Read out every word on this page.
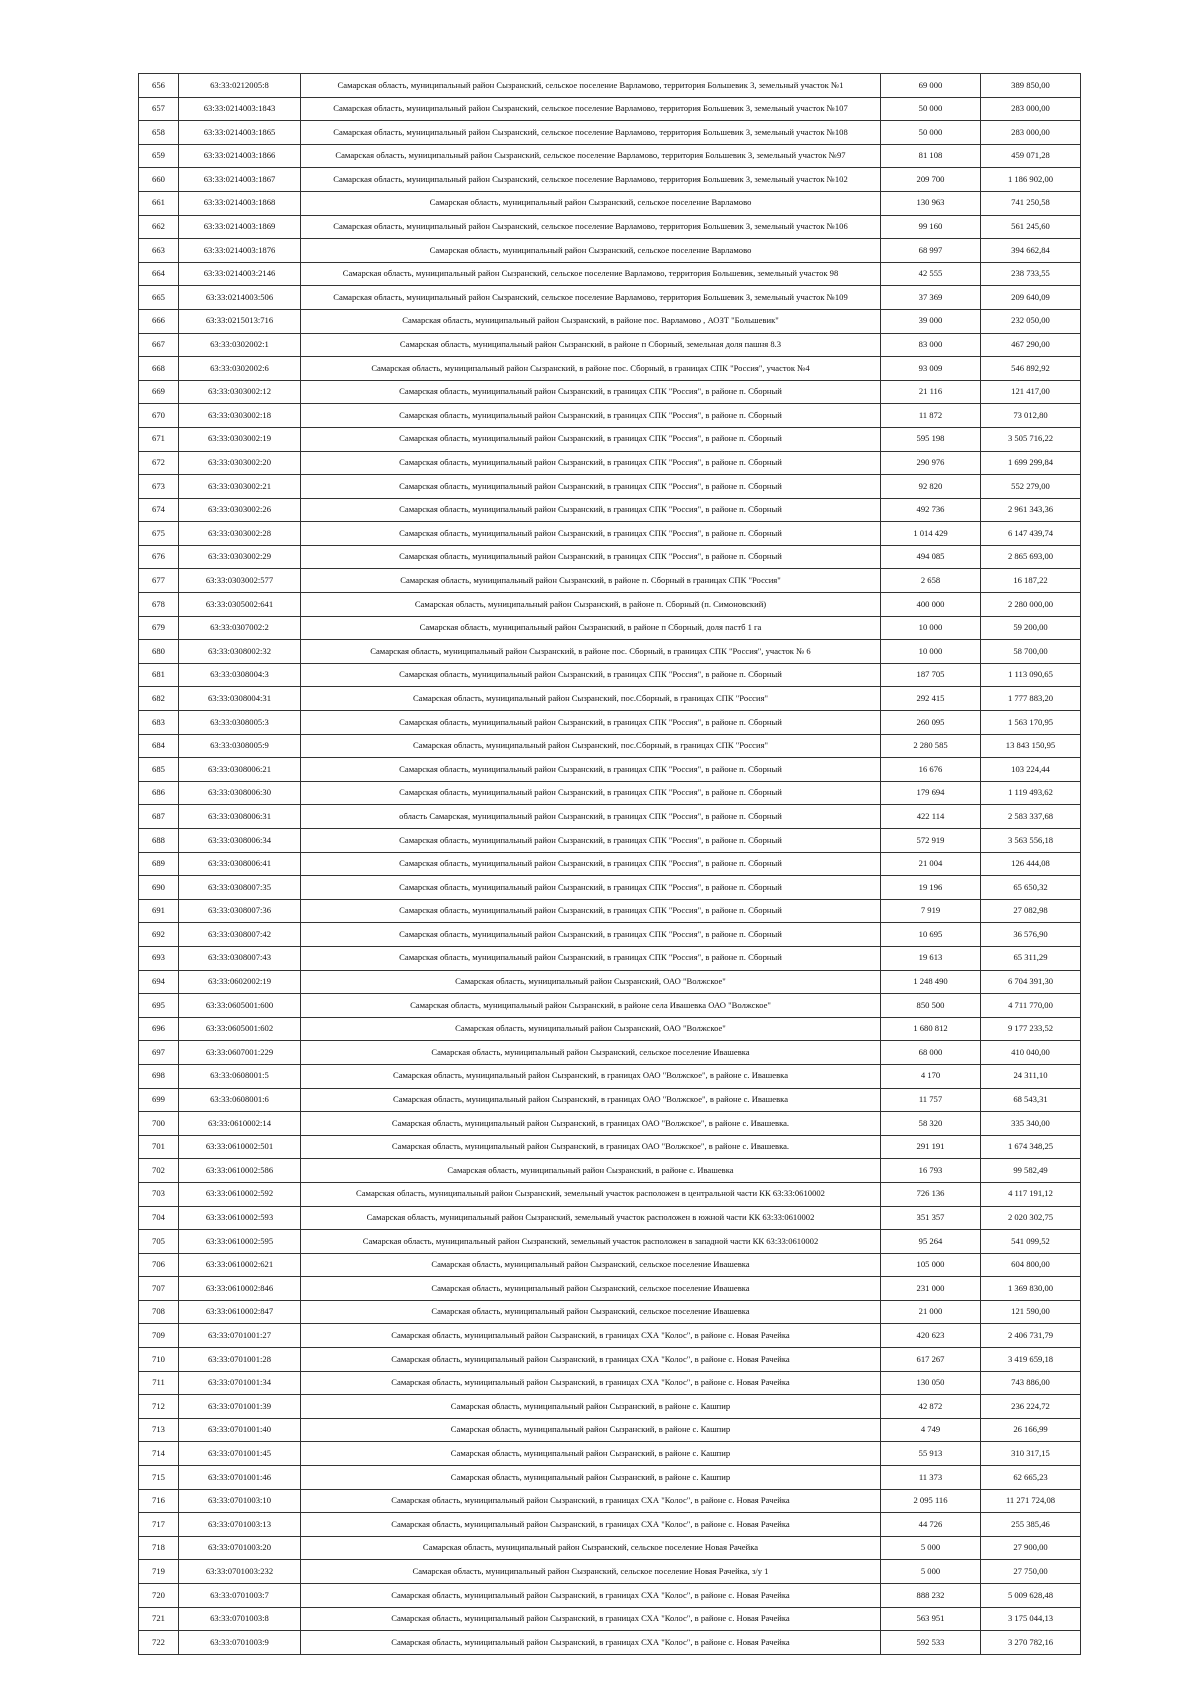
656	63:33:0212005:8	Самарская область, муниципальный район Сызранский, сельское поселение Варламово, территория Большевик 3, земельный участок №1	69 000	389 850,00
657	63:33:0214003:1843	Самарская область, муниципальный район Сызранский, сельское поселение Варламово, территория Большевик 3, земельный участок №107	50 000	283 000,00
658	63:33:0214003:1865	Самарская область, муниципальный район Сызранский, сельское поселение Варламово, территория Большевик 3, земельный участок №108	50 000	283 000,00
659	63:33:0214003:1866	Самарская область, муниципальный район Сызранский, сельское поселение Варламово, территория Большевик 3, земельный участок №97	81 108	459 071,28
660	63:33:0214003:1867	Самарская область, муниципальный район Сызранский, сельское поселение Варламово, территория Большевик 3, земельный участок №102	209 700	1 186 902,00
661	63:33:0214003:1868	Самарская область, муниципальный район Сызранский, сельское поселение Варламово	130 963	741 250,58
662	63:33:0214003:1869	Самарская область, муниципальный район Сызранский, сельское поселение Варламово, территория Большевик 3, земельный участок №106	99 160	561 245,60
663	63:33:0214003:1876	Самарская область, муниципальный район Сызранский, сельское поселение Варламово	68 997	394 662,84
664	63:33:0214003:2146	Самарская область, муниципальный район Сызранский, сельское поселение Варламово, территория Большевик, земельный участок 98	42 555	238 733,55
665	63:33:0214003:506	Самарская область, муниципальный район Сызранский, сельское поселение Варламово, территория Большевик 3, земельный участок №109	37 369	209 640,09
666	63:33:0215013:716	Самарская область, муниципальный район Сызранский, в районе пос. Варламово , АОЗТ "Большевик"	39 000	232 050,00
667	63:33:0302002:1	Самарская область, муниципальный район Сызранский, в районе п Сборный, земельная доля пашня 8.3	83 000	467 290,00
668	63:33:0302002:6	Самарская область, муниципальный район Сызранский, в районе пос. Сборный, в границах СПК "Россия", участок №4	93 009	546 892,92
669	63:33:0303002:12	Самарская область, муниципальный район Сызранский, в границах СПК "Россия", в районе п. Сборный	21 116	121 417,00
670	63:33:0303002:18	Самарская область, муниципальный район Сызранский, в границах СПК "Россия", в районе п. Сборный	11 872	73 012,80
671	63:33:0303002:19	Самарская область, муниципальный район Сызранский, в границах СПК "Россия", в районе п. Сборный	595 198	3 505 716,22
672	63:33:0303002:20	Самарская область, муниципальный район Сызранский, в границах СПК "Россия", в районе п. Сборный	290 976	1 699 299,84
673	63:33:0303002:21	Самарская область, муниципальный район Сызранский, в границах СПК "Россия", в районе п. Сборный	92 820	552 279,00
674	63:33:0303002:26	Самарская область, муниципальный район Сызранский, в границах СПК "Россия", в районе п. Сборный	492 736	2 961 343,36
675	63:33:0303002:28	Самарская область, муниципальный район Сызранский, в границах СПК "Россия", в районе п. Сборный	1 014 429	6 147 439,74
676	63:33:0303002:29	Самарская область, муниципальный район Сызранский, в границах СПК "Россия", в районе п. Сборный	494 085	2 865 693,00
677	63:33:0303002:577	Самарская область, муниципальный район Сызранский, в районе п. Сборный в границах СПК "Россия"	2 658	16 187,22
678	63:33:0305002:641	Самарская область, муниципальный район Сызранский, в районе п. Сборный (п. Симоновский)	400 000	2 280 000,00
679	63:33:0307002:2	Самарская область, муниципальный район Сызранский, в районе п Сборный, доля пастб 1 га	10 000	59 200,00
680	63:33:0308002:32	Самарская область, муниципальный район Сызранский, в районе пос. Сборный, в границах СПК "Россия", участок № 6	10 000	58 700,00
681	63:33:0308004:3	Самарская область, муниципальный район Сызранский, в границах СПК "Россия", в районе п. Сборный	187 705	1 113 090,65
682	63:33:0308004:31	Самарская область, муниципальный район Сызранский, пос.Сборный, в границах СПК "Россия"	292 415	1 777 883,20
683	63:33:0308005:3	Самарская область, муниципальный район Сызранский, в границах СПК "Россия", в районе п. Сборный	260 095	1 563 170,95
684	63:33:0308005:9	Самарская область, муниципальный район Сызранский, пос.Сборный, в границах СПК "Россия"	2 280 585	13 843 150,95
685	63:33:0308006:21	Самарская область, муниципальный район Сызранский, в границах СПК "Россия", в районе п. Сборный	16 676	103 224,44
686	63:33:0308006:30	Самарская область, муниципальный район Сызранский, в границах СПК "Россия", в районе п. Сборный	179 694	1 119 493,62
687	63:33:0308006:31	область Самарская, муниципальный район Сызранский, в границах СПК "Россия", в районе п. Сборный	422 114	2 583 337,68
688	63:33:0308006:34	Самарская область, муниципальный район Сызранский, в границах СПК "Россия", в районе п. Сборный	572 919	3 563 556,18
689	63:33:0308006:41	Самарская область, муниципальный район Сызранский, в границах СПК "Россия", в районе п. Сборный	21 004	126 444,08
690	63:33:0308007:35	Самарская область, муниципальный район Сызранский, в границах СПК "Россия", в районе п. Сборный	19 196	65 650,32
691	63:33:0308007:36	Самарская область, муниципальный район Сызранский, в границах СПК "Россия", в районе п. Сборный	7 919	27 082,98
692	63:33:0308007:42	Самарская область, муниципальный район Сызранский, в границах СПК "Россия", в районе п. Сборный	10 695	36 576,90
693	63:33:0308007:43	Самарская область, муниципальный район Сызранский, в границах СПК "Россия", в районе п. Сборный	19 613	65 311,29
694	63:33:0602002:19	Самарская область, муниципальный район Сызранский, ОАО "Волжское"	1 248 490	6 704 391,30
695	63:33:0605001:600	Самарская область, муниципальный район Сызранский, в районе села Ивашевка ОАО "Волжское"	850 500	4 711 770,00
696	63:33:0605001:602	Самарская область, муниципальный район Сызранский, ОАО "Волжское"	1 680 812	9 177 233,52
697	63:33:0607001:229	Самарская область, муниципальный район Сызранский, сельское поселение Ивашевка	68 000	410 040,00
698	63:33:0608001:5	Самарская область, муниципальный район Сызранский, в границах ОАО "Волжское", в районе с. Ивашевка	4 170	24 311,10
699	63:33:0608001:6	Самарская область, муниципальный район Сызранский, в границах ОАО "Волжское", в районе с. Ивашевка	11 757	68 543,31
700	63:33:0610002:14	Самарская область, муниципальный район Сызранский, в границах ОАО "Волжское", в районе с. Ивашевка.	58 320	335 340,00
701	63:33:0610002:501	Самарская область, муниципальный район Сызранский, в границах ОАО "Волжское", в районе с. Ивашевка.	291 191	1 674 348,25
702	63:33:0610002:586	Самарская область, муниципальный район Сызранский, в районе с. Ивашевка	16 793	99 582,49
703	63:33:0610002:592	Самарская область, муниципальный район Сызранский, земельный участок расположен в центральной части КК 63:33:0610002	726 136	4 117 191,12
704	63:33:0610002:593	Самарская область, муниципальный район Сызранский, земельный участок расположен в южной части КК 63:33:0610002	351 357	2 020 302,75
705	63:33:0610002:595	Самарская область, муниципальный район Сызранский, земельный участок расположен в западной части КК 63:33:0610002	95 264	541 099,52
706	63:33:0610002:621	Самарская область, муниципальный район Сызранский, сельское поселение Ивашевка	105 000	604 800,00
707	63:33:0610002:846	Самарская область, муниципальный район Сызранский, сельское поселение Ивашевка	231 000	1 369 830,00
708	63:33:0610002:847	Самарская область, муниципальный район Сызранский, сельское поселение Ивашевка	21 000	121 590,00
709	63:33:0701001:27	Самарская область, муниципальный район Сызранский, в границах СХА "Колос", в районе с. Новая Рачейка	420 623	2 406 731,79
710	63:33:0701001:28	Самарская область, муниципальный район Сызранский, в границах СХА "Колос", в районе с. Новая Рачейка	617 267	3 419 659,18
711	63:33:0701001:34	Самарская область, муниципальный район Сызранский, в границах СХА "Колос", в районе с. Новая Рачейка	130 050	743 886,00
712	63:33:0701001:39	Самарская область, муниципальный район Сызранский, в районе с. Кашпир	42 872	236 224,72
713	63:33:0701001:40	Самарская область, муниципальный район Сызранский, в районе с. Кашпир	4 749	26 166,99
714	63:33:0701001:45	Самарская область, муниципальный район Сызранский, в районе с. Кашпир	55 913	310 317,15
715	63:33:0701001:46	Самарская область, муниципальный район Сызранский, в районе с. Кашпир	11 373	62 665,23
716	63:33:0701003:10	Самарская область, муниципальный район Сызранский, в границах СХА "Колос", в районе с. Новая Рачейка	2 095 116	11 271 724,08
717	63:33:0701003:13	Самарская область, муниципальный район Сызранский, в границах СХА "Колос", в районе с. Новая Рачейка	44 726	255 385,46
718	63:33:0701003:20	Самарская область, муниципальный район Сызранский, сельское поселение Новая Рачейка	5 000	27 900,00
719	63:33:0701003:232	Самарская область, муниципальный район Сызранский, сельское поселение Новая Рачейка, з/у 1	5 000	27 750,00
720	63:33:0701003:7	Самарская область, муниципальный район Сызранский, в границах СХА "Колос", в районе с. Новая Рачейка	888 232	5 009 628,48
721	63:33:0701003:8	Самарская область, муниципальный район Сызранский, в границах СХА "Колос", в районе с. Новая Рачейка	563 951	3 175 044,13
722	63:33:0701003:9	Самарская область, муниципальный район Сызранский, в границах СХА "Колос", в районе с. Новая Рачейка	592 533	3 270 782,16
